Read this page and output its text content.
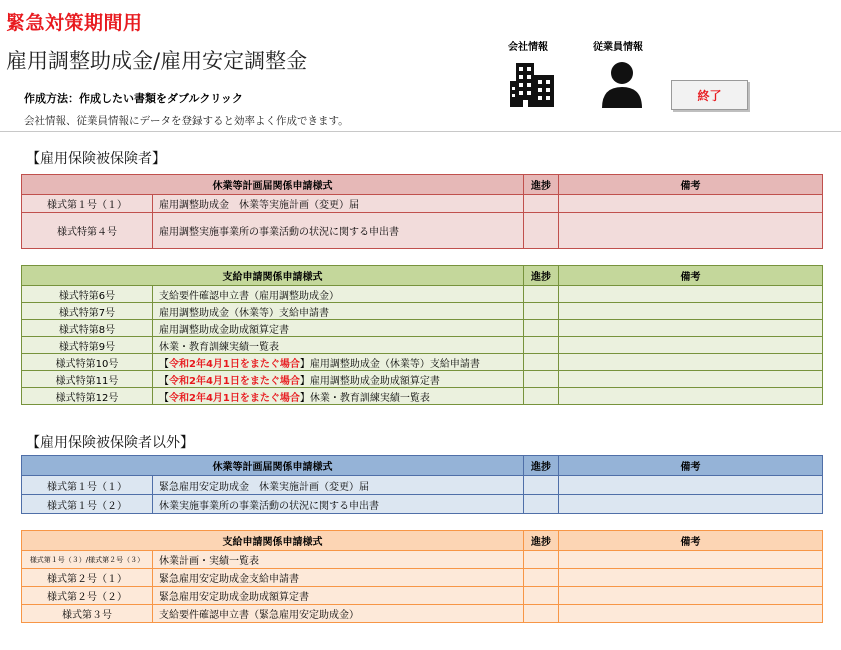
緊急対策期間用
雇用調整助成金/雇用安定調整金
作成方法：作成したい書類をダブルクリック
会社情報、従業員情報にデータを登録すると効率よく作成できます。
会社情報	従業員情報
終了
【雇用保険被保険者】
【雇用保険被保険者以外】
休業等計画届関係申請様式		進捗	備考
様式第１号（１）	雇用調整助成金　休業等実施計画（変更）届		
様式特第４号	雇用調整実施事業所の事業活動の状況に関する申出書		
支給申請関係申請様式		進捗	備考
様式特第6号	支給要件確認申立書（雇用調整助成金）		
様式特第7号	雇用調整助成金（休業等）支給申請書		
様式特第8号	雇用調整助成金助成額算定書		
様式特第9号	休業・教育訓練実績一覧表		
様式特第10号	【令和2年4月1日をまたぐ場合】雇用調整助成金（休業等）支給申請書		
様式特第11号	【令和2年4月1日をまたぐ場合】雇用調整助成金助成額算定書		
様式特第12号	【令和2年4月1日をまたぐ場合】休業・教育訓練実績一覧表		
休業等計画届関係申請様式		進捗	備考
様式第１号（１）	緊急雇用安定助成金　休業実施計画（変更）届		
様式第１号（２）	休業実施事業所の事業活動の状況に関する申出書		
支給申請関係申請様式		進捗	備考
様式第１号（３）/様式第２号（３）	休業計画・実績一覧表		
様式第２号（１）	緊急雇用安定助成金支給申請書		
様式第２号（２）	緊急雇用安定助成金助成額算定書		
様式第３号	支給要件確認申立書（緊急雇用安定助成金）		
